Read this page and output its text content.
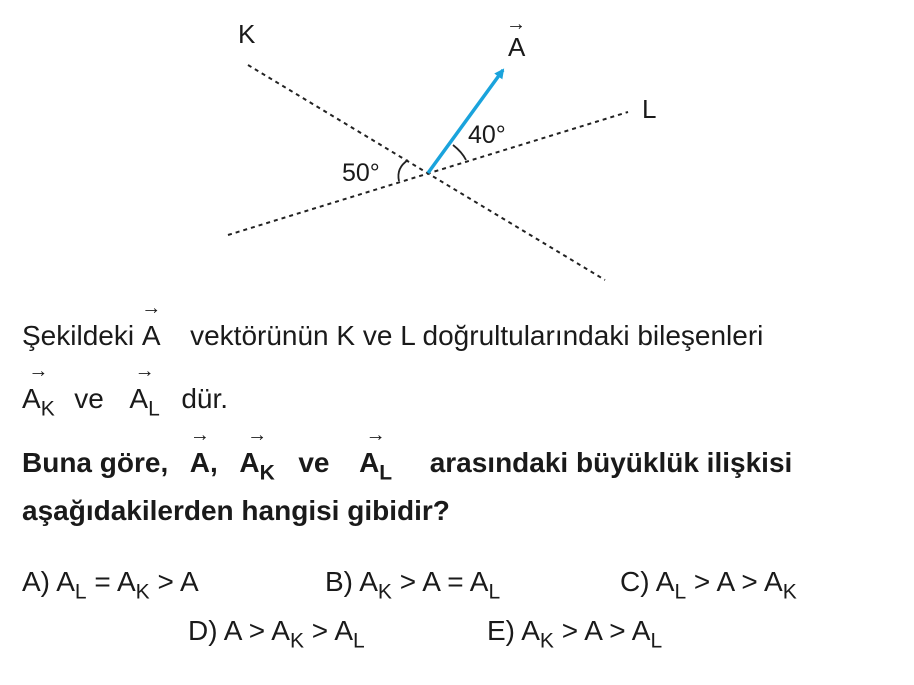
K
L
A
→
50°
40°
Şekildeki
→
A vektörünün K ve L doğrultularındaki bileşenleri
→
$A_K$ ve
→
$A_L$ dür.
Buna göre,
→
A,
→
$A_K$ ve
→
$A_L$ arasındaki büyüklük ilişkisi
aşağıdakilerden hangisi gibidir?
A) $A_L = A_K > A$	B) $A_K > A = A_L$	C) $A_L > A > A_K$
D) $A > A_K > A_L$	E) $A_K > A > A_L$
